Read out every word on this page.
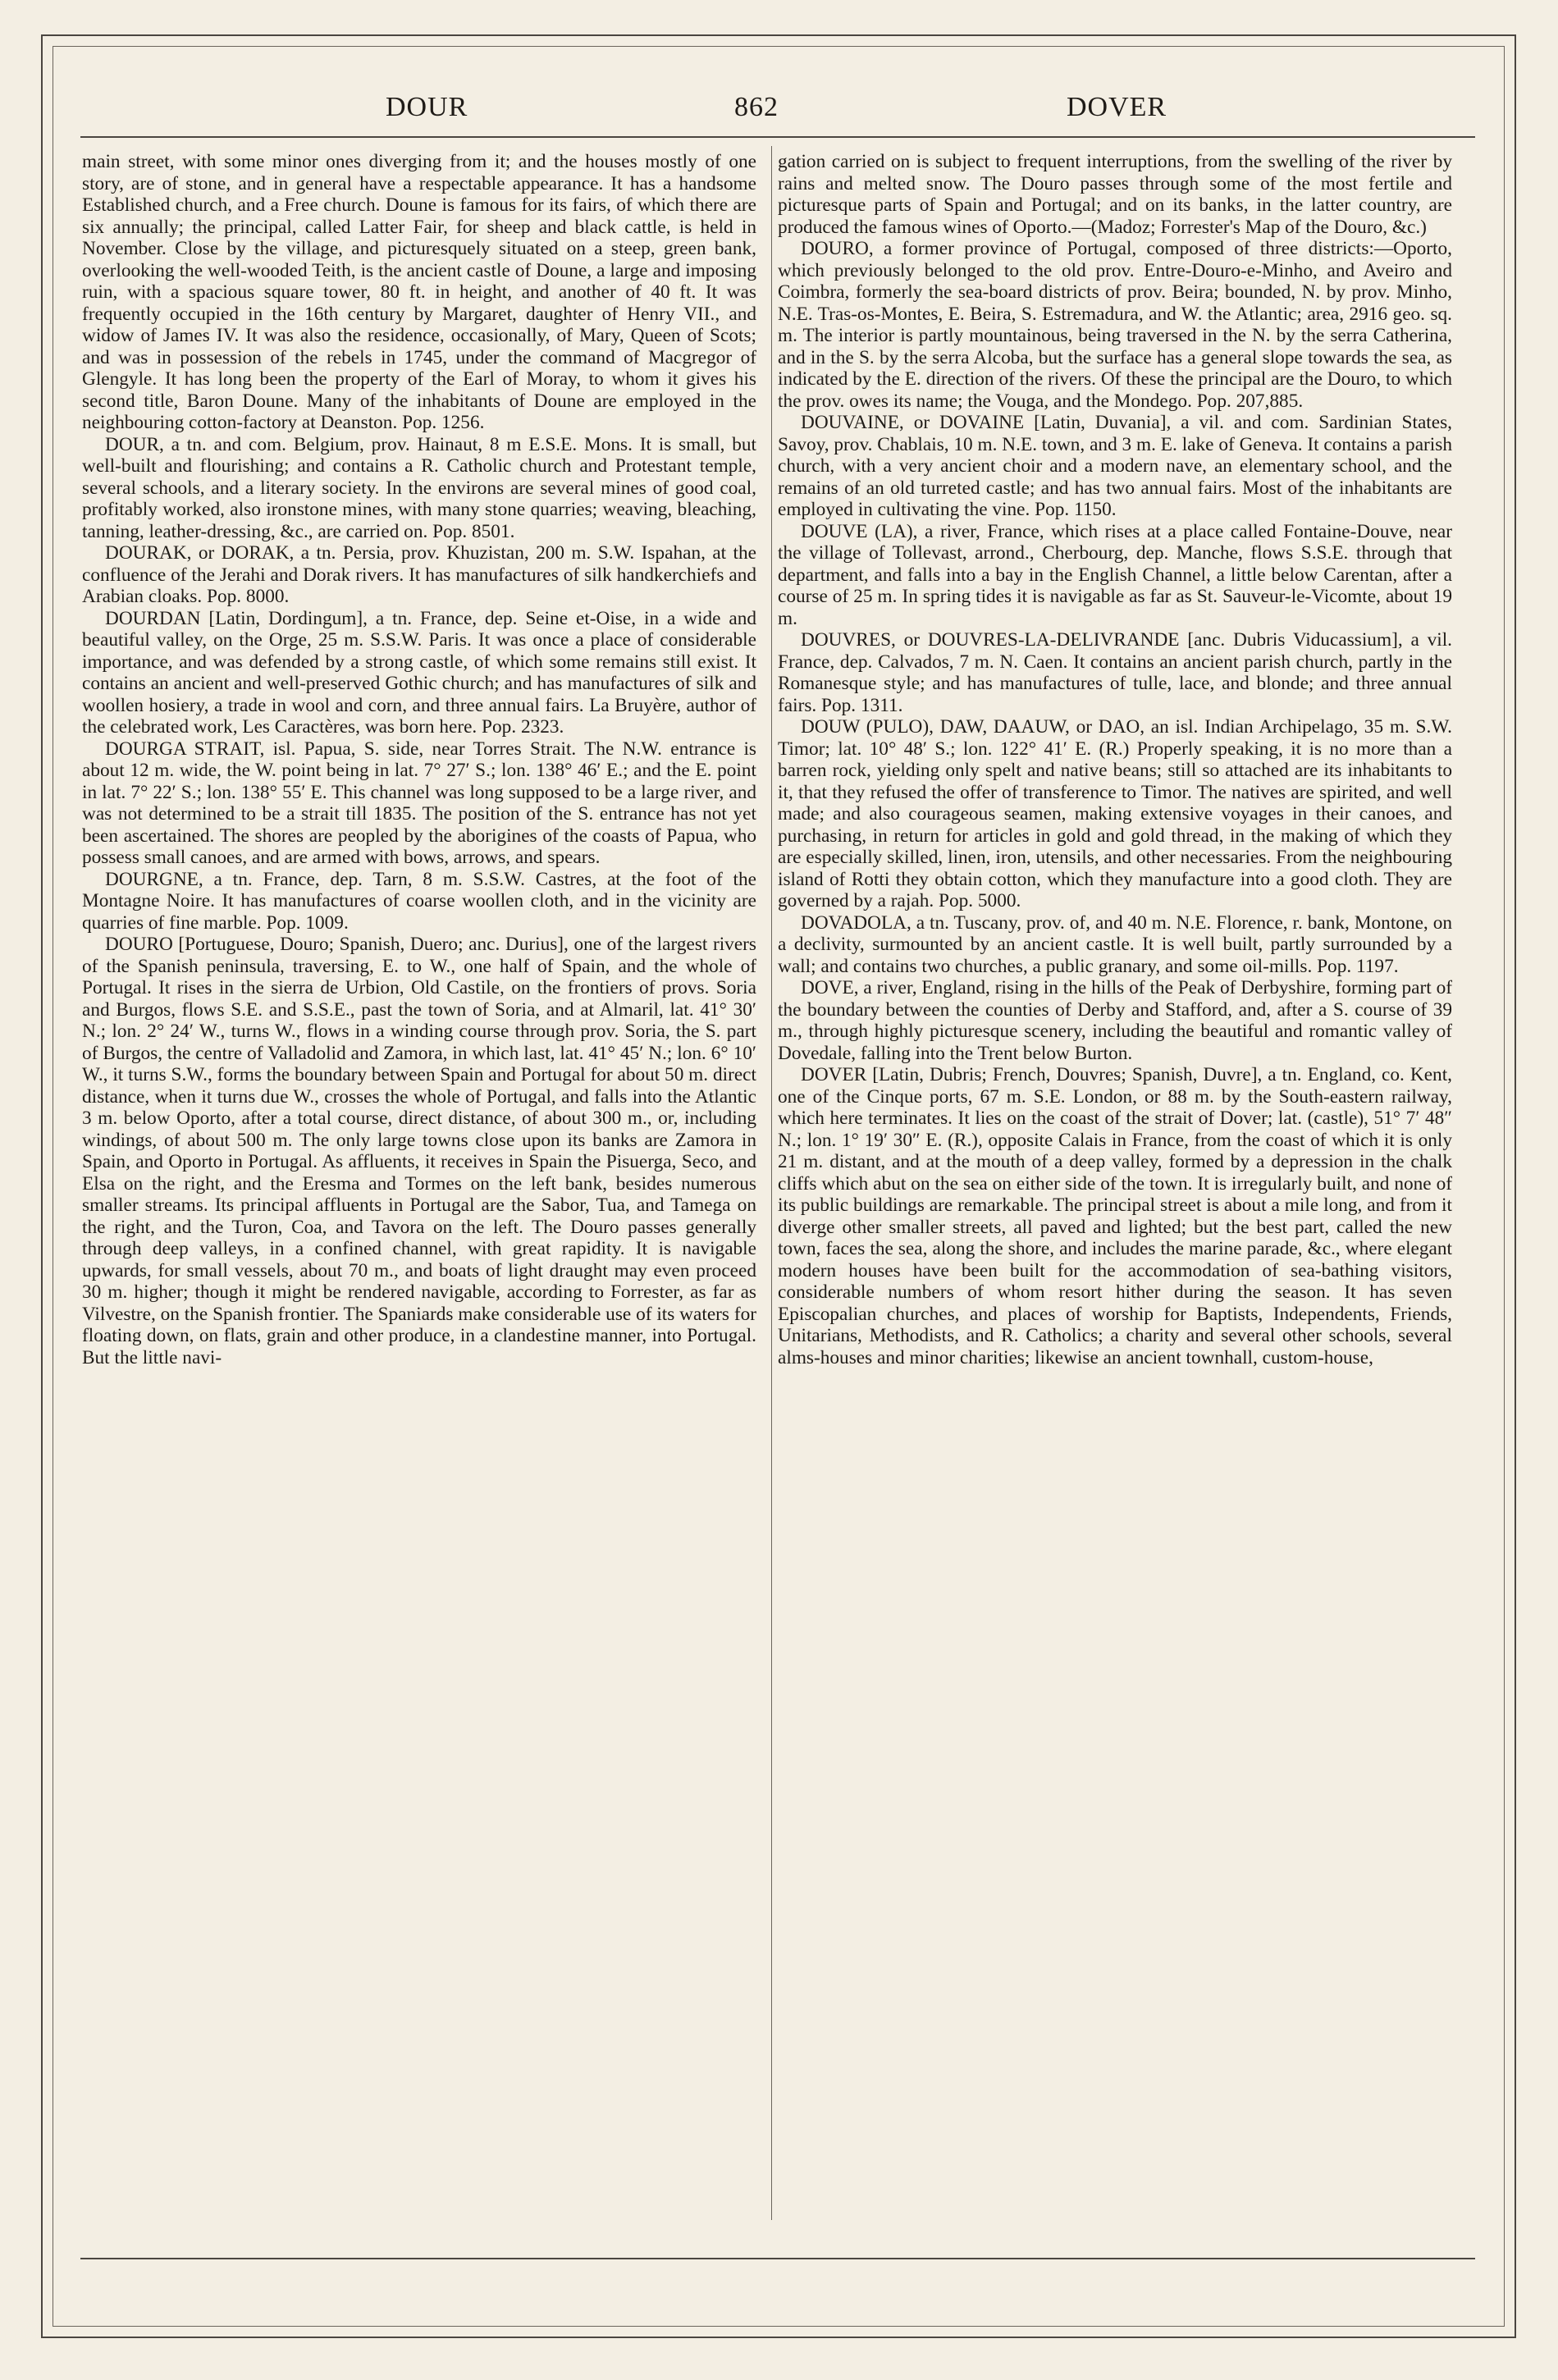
DOUR	862	DOVER

main street, with some minor ones diverging from it; and the houses mostly of one story, are of stone, and in general have a respectable appearance. It has a handsome Established church, and a Free church. Doune is famous for its fairs, of which there are six annually; the principal, called Latter Fair, for sheep and black cattle, is held in November. Close by the village, and picturesquely situated on a steep, green bank, overlooking the well-wooded Teith, is the ancient castle of Doune, a large and imposing ruin, with a spacious square tower, 80 ft. in height, and another of 40 ft. It was frequently occupied in the 16th century by Margaret, daughter of Henry VII., and widow of James IV. It was also the residence, occasionally, of Mary, Queen of Scots; and was in possession of the rebels in 1745, under the command of Macgregor of Glengyle. It has long been the property of the Earl of Moray, to whom it gives his second title, Baron Doune. Many of the inhabitants of Doune are employed in the neighbouring cotton-factory at Deanston. Pop. 1256.

DOUR, a tn. and com. Belgium, prov. Hainaut, 8 m E.S.E. Mons. It is small, but well-built and flourishing; and contains a R. Catholic church and Protestant temple, several schools, and a literary society. In the environs are several mines of good coal, profitably worked, also ironstone mines, with many stone quarries; weaving, bleaching, tanning, leather-dressing, &c., are carried on. Pop. 8501.

DOURAK, or DORAK, a tn. Persia, prov. Khuzistan, 200 m. S.W. Ispahan, at the confluence of the Jerahi and Dorak rivers. It has manufactures of silk handkerchiefs and Arabian cloaks. Pop. 8000.

DOURDAN [Latin, Dordingum], a tn. France, dep. Seine et-Oise, in a wide and beautiful valley, on the Orge, 25 m. S.S.W. Paris. It was once a place of considerable importance, and was defended by a strong castle, of which some remains still exist. It contains an ancient and well-preserved Gothic church; and has manufactures of silk and woollen hosiery, a trade in wool and corn, and three annual fairs. La Bruyère, author of the celebrated work, Les Caractères, was born here. Pop. 2323.

DOURGA STRAIT, isl. Papua, S. side, near Torres Strait. The N.W. entrance is about 12 m. wide, the W. point being in lat. 7° 27′ S.; lon. 138° 46′ E.; and the E. point in lat. 7° 22′ S.; lon. 138° 55′ E. This channel was long supposed to be a large river, and was not determined to be a strait till 1835. The position of the S. entrance has not yet been ascertained. The shores are peopled by the aborigines of the coasts of Papua, who possess small canoes, and are armed with bows, arrows, and spears.

DOURGNE, a tn. France, dep. Tarn, 8 m. S.S.W. Castres, at the foot of the Montagne Noire. It has manufactures of coarse woollen cloth, and in the vicinity are quarries of fine marble. Pop. 1009.

DOURO [Portuguese, Douro; Spanish, Duero; anc. Durius], one of the largest rivers of the Spanish peninsula, traversing, E. to W., one half of Spain, and the whole of Portugal. It rises in the sierra de Urbion, Old Castile, on the frontiers of provs. Soria and Burgos, flows S.E. and S.S.E., past the town of Soria, and at Almaril, lat. 41° 30′ N.; lon. 2° 24′ W., turns W., flows in a winding course through prov. Soria, the S. part of Burgos, the centre of Valladolid and Zamora, in which last, lat. 41° 45′ N.; lon. 6° 10′ W., it turns S.W., forms the boundary between Spain and Portugal for about 50 m. direct distance, when it turns due W., crosses the whole of Portugal, and falls into the Atlantic 3 m. below Oporto, after a total course, direct distance, of about 300 m., or, including windings, of about 500 m. The only large towns close upon its banks are Zamora in Spain, and Oporto in Portugal. As affluents, it receives in Spain the Pisuerga, Seco, and Elsa on the right, and the Eresma and Tormes on the left bank, besides numerous smaller streams. Its principal affluents in Portugal are the Sabor, Tua, and Tamega on the right, and the Turon, Coa, and Tavora on the left. The Douro passes generally through deep valleys, in a confined channel, with great rapidity. It is navigable upwards, for small vessels, about 70 m., and boats of light draught may even proceed 30 m. higher; though it might be rendered navigable, according to Forrester, as far as Vilvestre, on the Spanish frontier. The Spaniards make considerable use of its waters for floating down, on flats, grain and other produce, in a clandestine manner, into Portugal. But the little navi-

gation carried on is subject to frequent interruptions, from the swelling of the river by rains and melted snow. The Douro passes through some of the most fertile and picturesque parts of Spain and Portugal; and on its banks, in the latter country, are produced the famous wines of Oporto.—(Madoz; Forrester's Map of the Douro, &c.)

DOURO, a former province of Portugal, composed of three districts:—Oporto, which previously belonged to the old prov. Entre-Douro-e-Minho, and Aveiro and Coimbra, formerly the sea-board districts of prov. Beira; bounded, N. by prov. Minho, N.E. Tras-os-Montes, E. Beira, S. Estremadura, and W. the Atlantic; area, 2916 geo. sq. m. The interior is partly mountainous, being traversed in the N. by the serra Catherina, and in the S. by the serra Alcoba, but the surface has a general slope towards the sea, as indicated by the E. direction of the rivers. Of these the principal are the Douro, to which the prov. owes its name; the Vouga, and the Mondego. Pop. 207,885.

DOUVAINE, or DOVAINE [Latin, Duvania], a vil. and com. Sardinian States, Savoy, prov. Chablais, 10 m. N.E. town, and 3 m. E. lake of Geneva. It contains a parish church, with a very ancient choir and a modern nave, an elementary school, and the remains of an old turreted castle; and has two annual fairs. Most of the inhabitants are employed in cultivating the vine. Pop. 1150.

DOUVE (LA), a river, France, which rises at a place called Fontaine-Douve, near the village of Tollevast, arrond., Cherbourg, dep. Manche, flows S.S.E. through that department, and falls into a bay in the English Channel, a little below Carentan, after a course of 25 m. In spring tides it is navigable as far as St. Sauveur-le-Vicomte, about 19 m.

DOUVRES, or DOUVRES-LA-DELIVRANDE [anc. Dubris Viducassium], a vil. France, dep. Calvados, 7 m. N. Caen. It contains an ancient parish church, partly in the Romanesque style; and has manufactures of tulle, lace, and blonde; and three annual fairs. Pop. 1311.

DOUW (PULO), DAW, DAAUW, or DAO, an isl. Indian Archipelago, 35 m. S.W. Timor; lat. 10° 48′ S.; lon. 122° 41′ E. (R.) Properly speaking, it is no more than a barren rock, yielding only spelt and native beans; still so attached are its inhabitants to it, that they refused the offer of transference to Timor. The natives are spirited, and well made; and also courageous seamen, making extensive voyages in their canoes, and purchasing, in return for articles in gold and gold thread, in the making of which they are especially skilled, linen, iron, utensils, and other necessaries. From the neighbouring island of Rotti they obtain cotton, which they manufacture into a good cloth. They are governed by a rajah. Pop. 5000.

DOVADOLA, a tn. Tuscany, prov. of, and 40 m. N.E. Florence, r. bank, Montone, on a declivity, surmounted by an ancient castle. It is well built, partly surrounded by a wall; and contains two churches, a public granary, and some oil-mills. Pop. 1197.

DOVE, a river, England, rising in the hills of the Peak of Derbyshire, forming part of the boundary between the counties of Derby and Stafford, and, after a S. course of 39 m., through highly picturesque scenery, including the beautiful and romantic valley of Dovedale, falling into the Trent below Burton.

DOVER [Latin, Dubris; French, Douvres; Spanish, Duvre], a tn. England, co. Kent, one of the Cinque ports, 67 m. S.E. London, or 88 m. by the South-eastern railway, which here terminates. It lies on the coast of the strait of Dover; lat. (castle), 51° 7′ 48″ N.; lon. 1° 19′ 30″ E. (R.), opposite Calais in France, from the coast of which it is only 21 m. distant, and at the mouth of a deep valley, formed by a depression in the chalk cliffs which abut on the sea on either side of the town. It is irregularly built, and none of its public buildings are remarkable. The principal street is about a mile long, and from it diverge other smaller streets, all paved and lighted; but the best part, called the new town, faces the sea, along the shore, and includes the marine parade, &c., where elegant modern houses have been built for the accommodation of sea-bathing visitors, considerable numbers of whom resort hither during the season. It has seven Episcopalian churches, and places of worship for Baptists, Independents, Friends, Unitarians, Methodists, and R. Catholics; a charity and several other schools, several alms-houses and minor charities; likewise an ancient townhall, custom-house,
